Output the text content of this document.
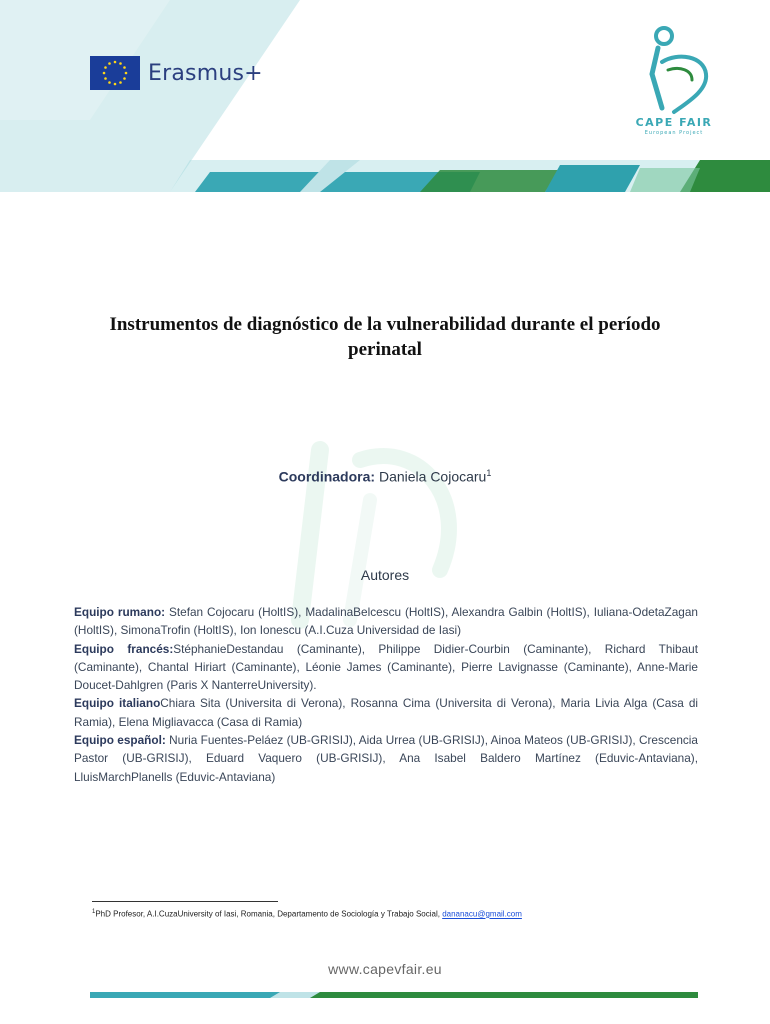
Erasmus+
CAPE FAIR
European Project
Instrumentos de diagnóstico de la vulnerabilidad durante el período perinatal
Coordinadora: Daniela Cojocaru$^1$
Autores

Equipo rumano: Stefan Cojocaru (HoltIS), MadalinaBelcescu (HoltIS), Alexandra Galbin (HoltIS), Iuliana-OdetaZagan (HoltIS), SimonaTrofin (HoltIS), Ion Ionescu (A.I.Cuza Universidad de Iasi)

Equipo francés:StéphanieDestandau (Caminante), Philippe Didier-Courbin (Caminante), Richard Thibaut (Caminante), Chantal Hiriart (Caminante), Léonie James (Caminante), Pierre Lavignasse (Caminante), Anne-Marie Doucet-Dahlgren (Paris X NanterreUniversity).

Equipo italianoChiara Sita (Universita di Verona), Rosanna Cima (Universita di Verona), Maria Livia Alga (Casa di Ramia), Elena Migliavacca (Casa di Ramia)

Equipo español: Nuria Fuentes-Peláez (UB-GRISIJ), Aida Urrea (UB-GRISIJ), Ainoa Mateos (UB-GRISIJ), Crescencia Pastor (UB-GRISIJ), Eduard Vaquero (UB-GRISIJ), Ana Isabel Baldero Martínez (Eduvic-Antaviana), LluisMarchPlanells (Eduvic-Antaviana)

$^1$PhD Profesor, A.I.CuzaUniversity of Iasi, Romania, Departamento de Sociología y Trabajo Social, dananacu@gmail.com
www.capevfair.eu
